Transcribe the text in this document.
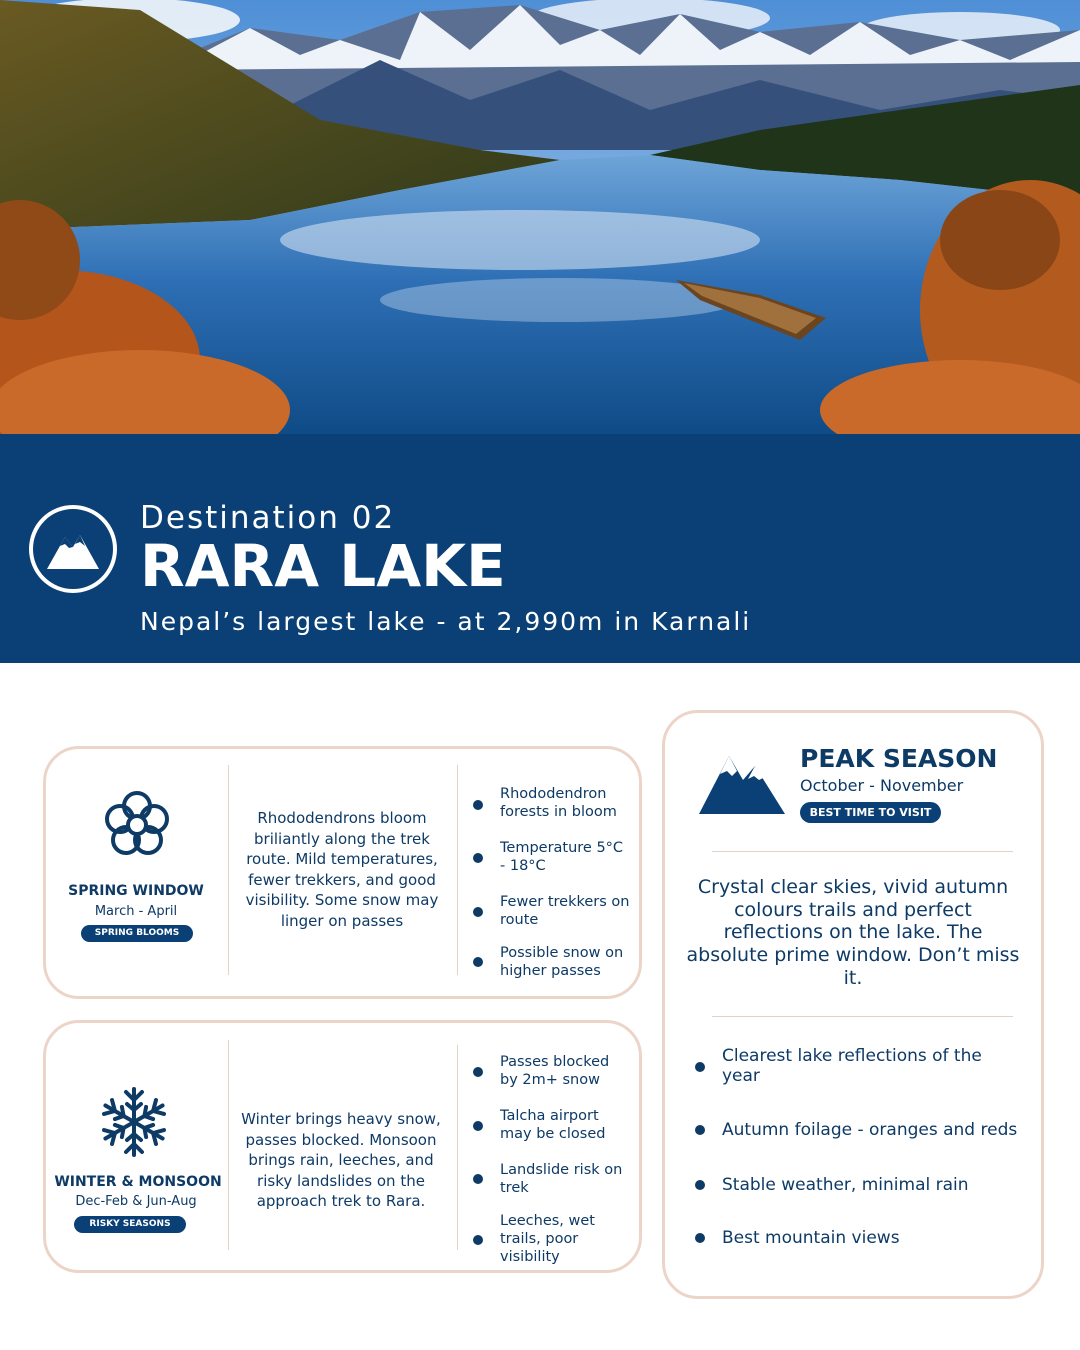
Destination 02
RARA LAKE
Nepal’s largest lake - at 2,990m in Karnali
SPRING WINDOW
March - April
SPRING BLOOMS
Rhododendrons bloom briliantly along the trek route. Mild temperatures, fewer trekkers, and good visibility. Some snow may linger on passes
Rhododendron forests in bloom
Temperature 5°C - 18°C
Fewer trekkers on route
Possible snow on higher passes
WINTER & MONSOON
Dec-Feb & Jun-Aug
RISKY SEASONS
Winter brings heavy snow, passes blocked. Monsoon brings rain, leeches, and risky landslides on the approach trek to Rara.
Passes blocked by 2m+ snow
Talcha airport may be closed
Landslide risk on trek
Leeches, wet trails, poor visibility
PEAK SEASON
October - November
BEST TIME TO VISIT
Crystal clear skies, vivid autumn colours trails and perfect reflections on the lake. The absolute prime window. Don’t miss it.
Clearest lake reflections of the year
Autumn foilage - oranges and reds
Stable weather, minimal rain
Best mountain views
